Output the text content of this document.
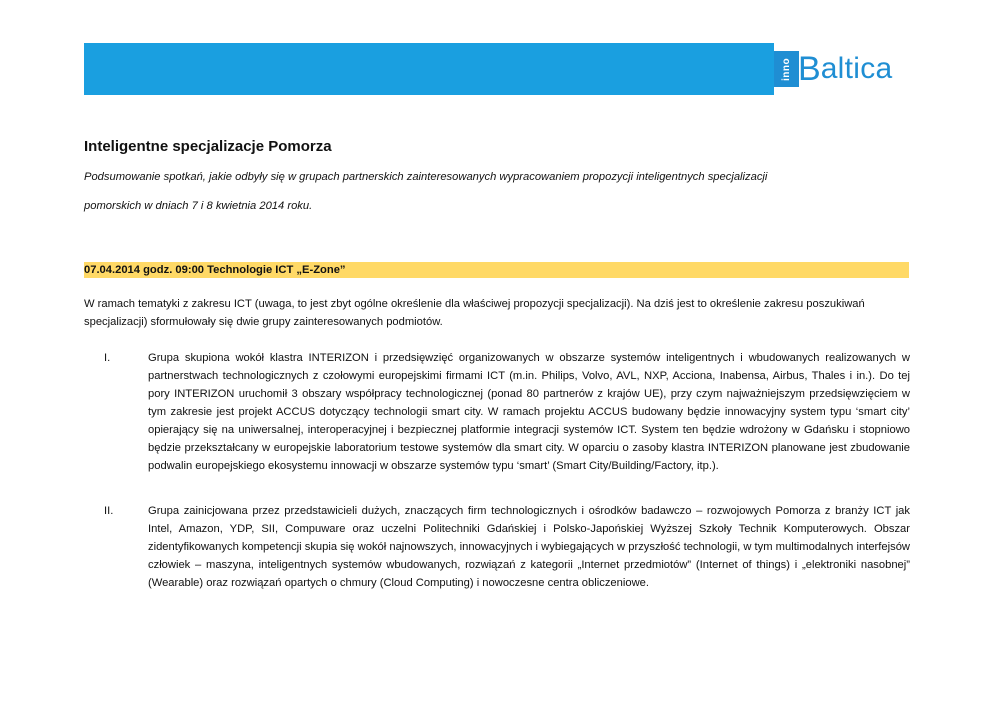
inno B altica
Inteligentne specjalizacje Pomorza
Podsumowanie spotkań, jakie odbyły się w grupach partnerskich zainteresowanych wypracowaniem propozycji inteligentnych specjalizacji
pomorskich w dniach 7 i 8 kwietnia 2014 roku.
07.04.2014 godz. 09:00 Technologie ICT „E-Zone”
W ramach tematyki z zakresu ICT (uwaga, to jest zbyt ogólne określenie dla właściwej propozycji specjalizacji). Na dziś jest to określenie zakresu poszukiwań specjalizacji) sformułowały się dwie grupy zainteresowanych podmiotów.
I.	Grupa skupiona wokół klastra INTERIZON i przedsięwzięć organizowanych w obszarze systemów inteligentnych i wbudowanych realizowanych w partnerstwach technologicznych z czołowymi europejskimi firmami ICT (m.in. Philips, Volvo, AVL, NXP, Acciona, Inabensa, Airbus, Thales i in.). Do tej pory INTERIZON uruchomił 3 obszary współpracy technologicznej (ponad 80 partnerów z krajów UE), przy czym najważniejszym przedsięwzięciem w tym zakresie jest projekt ACCUS dotyczący technologii smart city. W ramach projektu ACCUS budowany będzie innowacyjny system typu ‘smart city’ opierający się na uniwersalnej, interoperacyjnej i bezpiecznej platformie integracji systemów ICT. System ten będzie wdrożony w Gdańsku i stopniowo będzie przekształcany w europejskie laboratorium testowe systemów dla smart city. W oparciu o zasoby klastra INTERIZON planowane jest zbudowanie podwalin europejskiego ekosystemu innowacji w obszarze systemów typu ‘smart’ (Smart City/Building/Factory, itp.).
II.	Grupa zainicjowana przez przedstawicieli dużych, znaczących firm technologicznych i ośrodków badawczo – rozwojowych Pomorza z branży ICT jak Intel, Amazon, YDP, SII, Compuware oraz uczelni Politechniki Gdańskiej i Polsko-Japońskiej Wyższej Szkoły Technik Komputerowych. Obszar zidentyfikowanych kompetencji skupia się wokół najnowszych, innowacyjnych i wybiegających w przyszłość technologii, w tym multimodalnych interfejsów człowiek – maszyna, inteligentnych systemów wbudowanych, rozwiązań z kategorii „Internet przedmiotów” (Internet of things) i „elektroniki nasobnej” (Wearable) oraz rozwiązań opartych o chmury (Cloud Computing) i nowoczesne centra obliczeniowe.
